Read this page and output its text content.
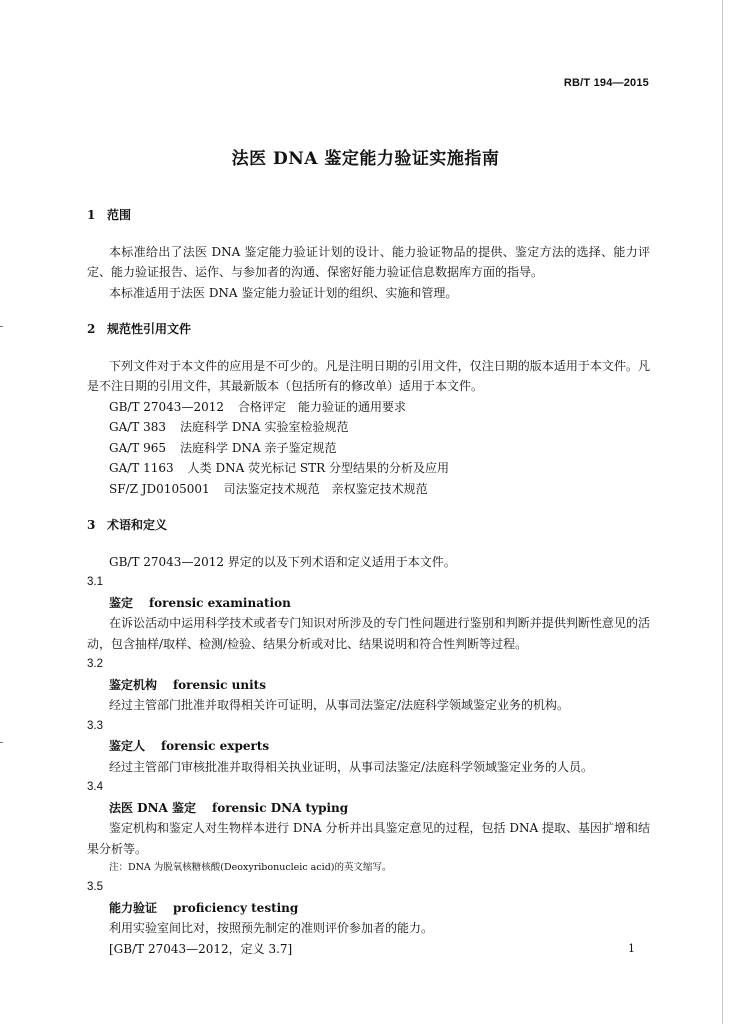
RB/T 194—2015
法医 DNA 鉴定能力验证实施指南

1 范围

本标准给出了法医 DNA 鉴定能力验证计划的设计、能力验证物品的提供、鉴定方法的选择、能力评定、能力验证报告、运作、与参加者的沟通、保密好能力验证信息数据库方面的指导。

本标准适用于法医 DNA 鉴定能力验证计划的组织、实施和管理。

2 规范性引用文件

下列文件对于本文件的应用是不可少的。凡是注明日期的引用文件，仅注日期的版本适用于本文件。凡是不注日期的引用文件，其最新版本（包括所有的修改单）适用于本文件。

GB/T 27043—2012 合格评定　能力验证的通用要求

GA/T 383 法庭科学 DNA 实验室检验规范

GA/T 965 法庭科学 DNA 亲子鉴定规范

GA/T 1163 人类 DNA 荧光标记 STR 分型结果的分析及应用

SF/Z JD0105001 司法鉴定技术规范　亲权鉴定技术规范

3 术语和定义

GB/T 27043—2012 界定的以及下列术语和定义适用于本文件。

3.1

鉴定 forensic examination

在诉讼活动中运用科学技术或者专门知识对所涉及的专门性问题进行鉴别和判断并提供判断性意见的活动，包含抽样/取样、检测/检验、结果分析或对比、结果说明和符合性判断等过程。

3.2

鉴定机构 forensic units

经过主管部门批准并取得相关许可证明，从事司法鉴定/法庭科学领域鉴定业务的机构。

3.3

鉴定人 forensic experts

经过主管部门审核批准并取得相关执业证明，从事司法鉴定/法庭科学领域鉴定业务的人员。

3.4

法医 DNA 鉴定 forensic DNA typing

鉴定机构和鉴定人对生物样本进行 DNA 分析并出具鉴定意见的过程，包括 DNA 提取、基因扩增和结果分析等。

注：DNA 为脱氧核糖核酸(Deoxyribonucleic acid)的英文缩写。

3.5

能力验证 proficiency testing

利用实验室间比对，按照预先制定的准则评价参加者的能力。

[GB/T 27043—2012，定义 3.7]	1
